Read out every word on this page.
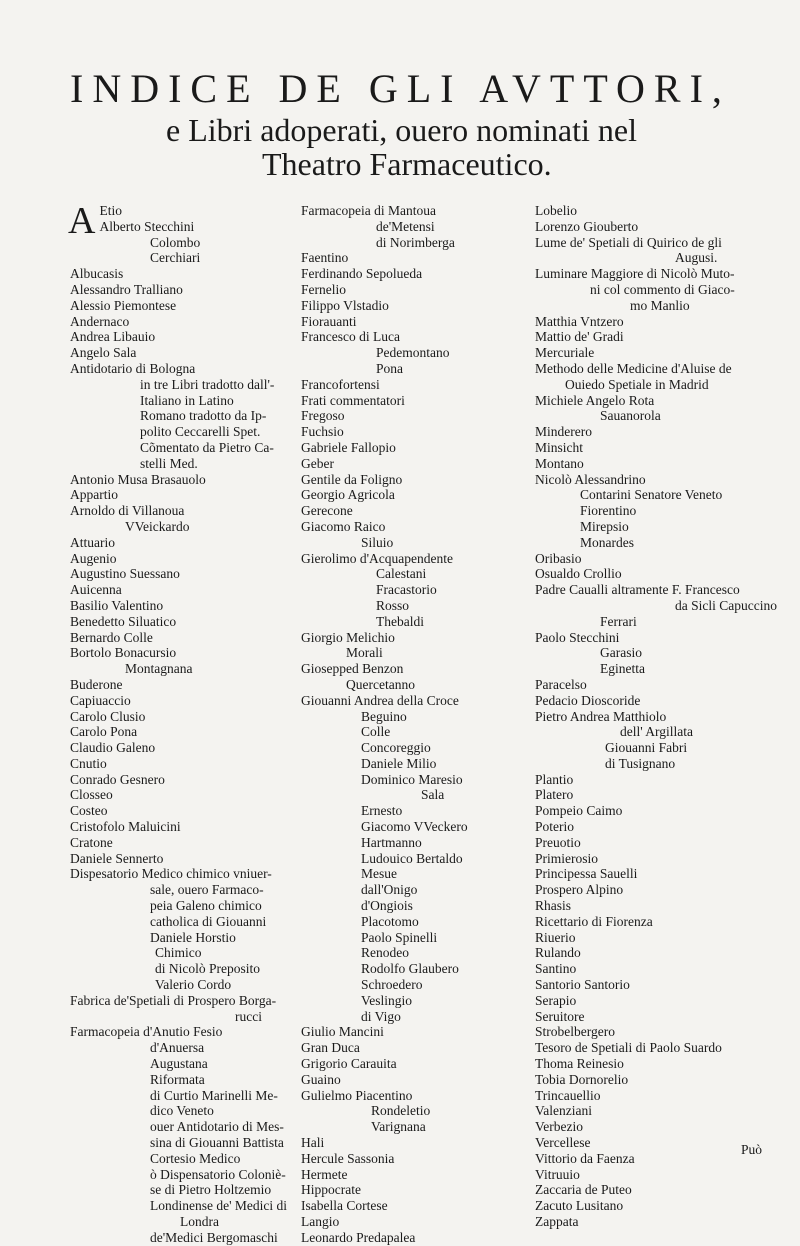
INDICE DE GLI AVTTORI,
e Libri adoperati, ouero nominati nel
Theatro Farmaceutico.
A Etio
Alberto Stecchini
Colombo
Cerchiari
Albucasis
Alessandro Tralliano
Alessio Piemontese
Andernaco
Andrea Libauio
Angelo Sala
Antidotario di Bologna
in tre Libri tradotto dall'-
Italiano in Latino
Romano tradotto da Ip-
polito Ceccarelli Spet.
Cõmentato da Pietro Ca-
stelli Med.
Antonio Musa Brasauolo
Appartio
Arnoldo di Villanoua
VVeickardo
Attuario
Augenio
Augustino Suessano
Auicenna
Basilio Valentino
Benedetto Siluatico
Bernardo Colle
Bortolo Bonacursio
Montagnana
Buderone
Capiuaccio
Carolo Clusio
Carolo Pona
Claudio Galeno
Cnutio
Conrado Gesnero
Closseo
Costeo
Cristofolo Maluicini
Cratone
Daniele Sennerto
Dispesatorio Medico chimico vniuer-
sale, ouero Farmaco-
peia Galeno chimico
catholica di Giouanni
Daniele Horstio
Chimico
di Nicolò Preposito
Valerio Cordo
Fabrica de'Spetiali di Prospero Borga-
rucci
Farmacopeia d'Anutio Fesio
d'Anuersa
Augustana
Riformata
di Curtio Marinelli Me-
dico Veneto
ouer Antidotario di Mes-
sina di Giouanni Battista
Cortesio Medico
ò Dispensatorio Coloniè-
se di Pietro Holtzemio
Londinense de' Medici di
Londra
de'Medici Bergomaschi
Farmacopeia di Mantoua
de'Metensi
di Norimberga
Faentino
Ferdinando Sepolueda
Fernelio
Filippo Vlstadio
Fiorauanti
Francesco di Luca
Pedemontano
Pona
Francofortensi
Frati commentatori
Fregoso
Fuchsio
Gabriele Fallopio
Geber
Gentile da Foligno
Georgio Agricola
Gerecone
Giacomo Raico
Siluio
Gierolimo d'Acquapendente
Calestani
Fracastorio
Rosso
Thebaldi
Giorgio Melichio
Morali
Giosepped Benzon
Quercetanno
Giouanni Andrea della Croce
Beguino
Colle
Concoreggio
Daniele Milio
Dominico Maresio
Sala
Ernesto
Giacomo VVeckero
Hartmanno
Ludouico Bertaldo
Mesue
dall'Onigo
d'Ongiois
Placotomo
Paolo Spinelli
Renodeo
Rodolfo Glaubero
Schroedero
Veslingio
di Vigo
Giulio Mancini
Gran Duca
Grigorio Carauita
Guaino
Gulielmo Piacentino
Rondeletio
Varignana
Hali
Hercule Sassonia
Hermete
Hippocrate
Isabella Cortese
Langio
Leonardo Predapalea
Lobelio
Lorenzo Giouberto
Lume de' Spetiali di Quirico de gli
Augusi.
Luminare Maggiore di Nicolò Muto-
ni col commento di Giaco-
mo Manlio
Matthia Vntzero
Mattio de' Gradi
Mercuriale
Methodo delle Medicine d'Aluise de
Ouiedo Spetiale in Madrid
Michiele Angelo Rota
Sauanorola
Minderero
Minsicht
Montano
Nicolò Alessandrino
Contarini Senatore Veneto
Fiorentino
Mirepsio
Monardes
Oribasio
Osualdo Crollio
Padre Caualli altramente F. Francesco
da Sicli Capuccino
Ferrari
Paolo Stecchini
Garasio
Eginetta
Paracelso
Pedacio Dioscoride
Pietro Andrea Matthiolo
dell' Argillata
Giouanni Fabri
di Tusignano
Plantio
Platero
Pompeio Caimo
Poterio
Preuotio
Primierosio
Principessa Sauelli
Prospero Alpino
Rhasis
Ricettario di Fiorenza
Riuerio
Rulando
Santino
Santorio Santorio
Serapio
Seruitore
Strobelbergero
Tesoro de Spetiali di Paolo Suardo
Thoma Reinesio
Tobia Dornorelio
Trincauellio
Valenziani
Verbezio
Vercellese
Vittorio da Faenza
Vitruuio
Zaccaria de Puteo
Zacuto Lusitano
Zappata
Può
